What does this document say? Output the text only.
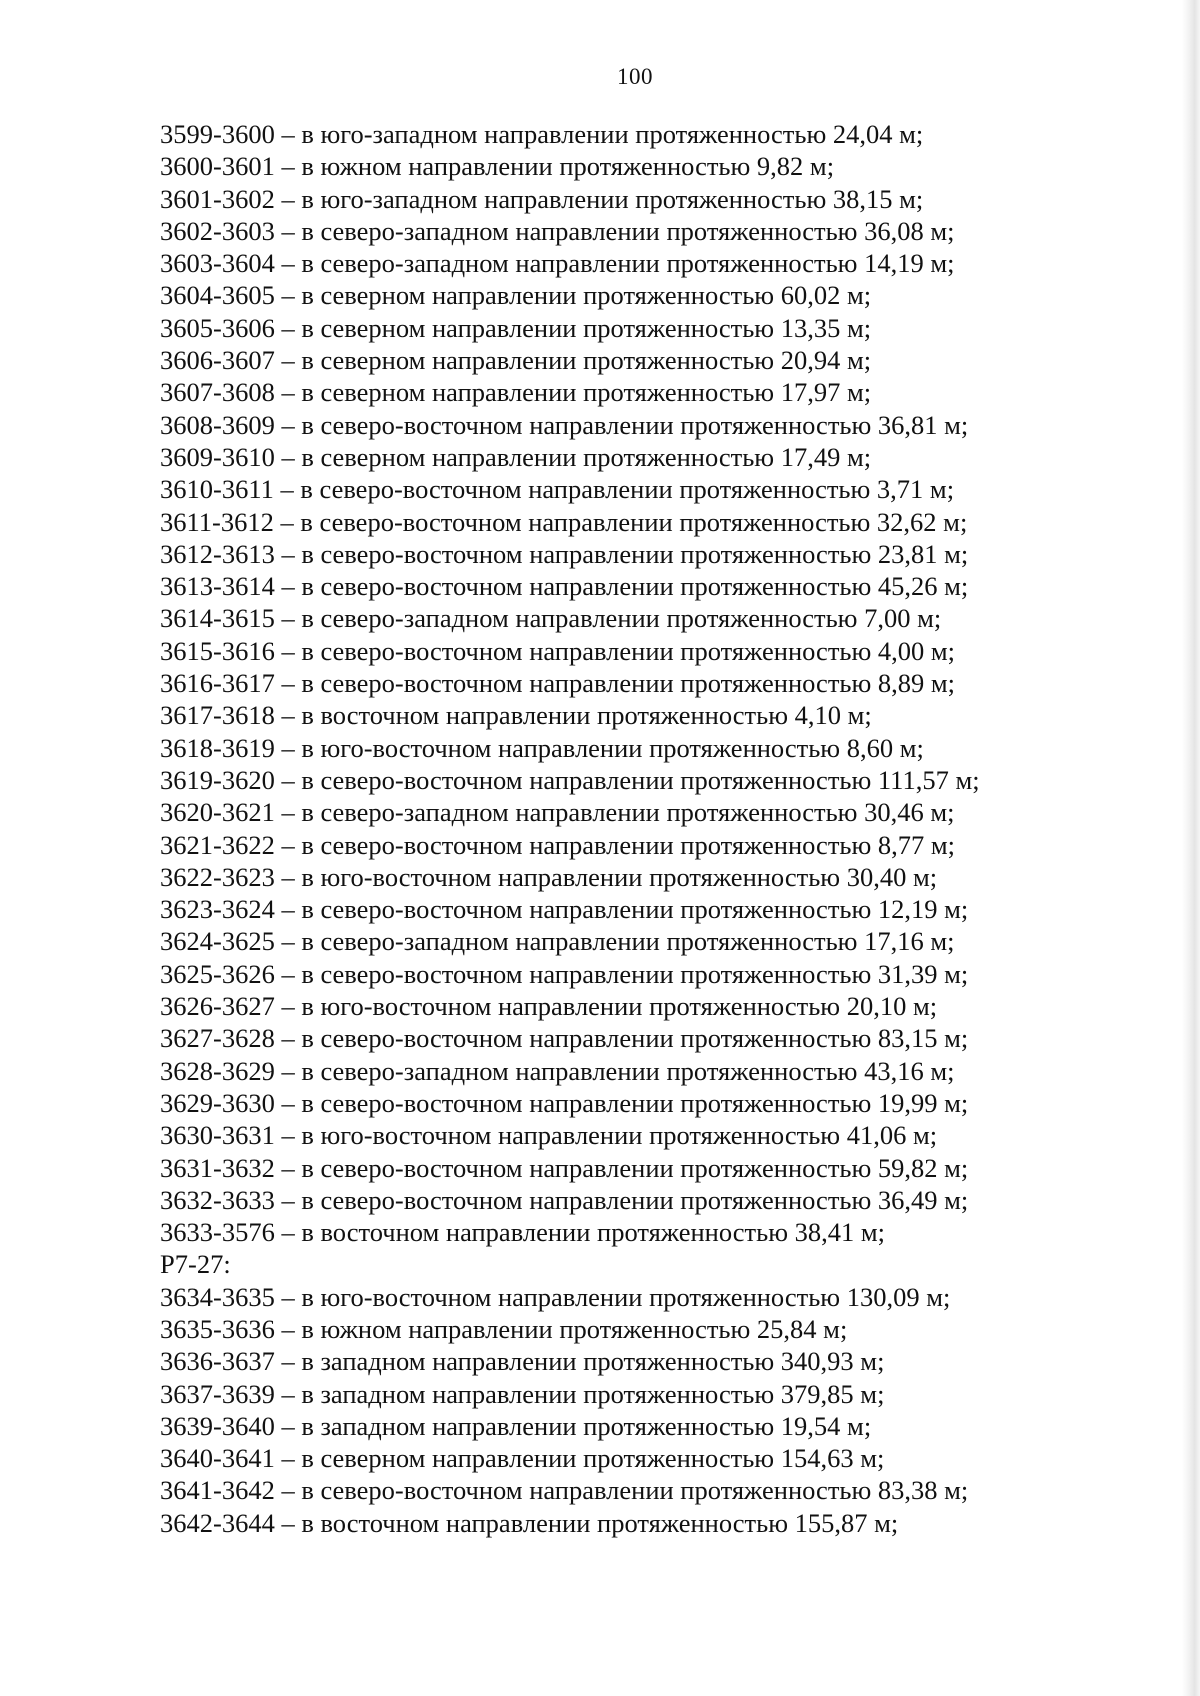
100
3599-3600 – в юго-западном направлении протяженностью 24,04 м;
3600-3601 – в южном направлении протяженностью 9,82 м;
3601-3602 – в юго-западном направлении протяженностью 38,15 м;
3602-3603 – в северо-западном направлении протяженностью 36,08 м;
3603-3604 – в северо-западном направлении протяженностью 14,19 м;
3604-3605 – в северном направлении протяженностью 60,02 м;
3605-3606 – в северном направлении протяженностью 13,35 м;
3606-3607 – в северном направлении протяженностью 20,94 м;
3607-3608 – в северном направлении протяженностью 17,97 м;
3608-3609 – в северо-восточном направлении протяженностью 36,81 м;
3609-3610 – в северном направлении протяженностью 17,49 м;
3610-3611 – в северо-восточном направлении протяженностью 3,71 м;
3611-3612 – в северо-восточном направлении протяженностью 32,62 м;
3612-3613 – в северо-восточном направлении протяженностью 23,81 м;
3613-3614 – в северо-восточном направлении протяженностью 45,26 м;
3614-3615 – в северо-западном направлении протяженностью 7,00 м;
3615-3616 – в северо-восточном направлении протяженностью 4,00 м;
3616-3617 – в северо-восточном направлении протяженностью 8,89 м;
3617-3618 – в восточном направлении протяженностью 4,10 м;
3618-3619 – в юго-восточном направлении протяженностью 8,60 м;
3619-3620 – в северо-восточном направлении протяженностью 111,57 м;
3620-3621 – в северо-западном направлении протяженностью 30,46 м;
3621-3622 – в северо-восточном направлении протяженностью 8,77 м;
3622-3623 – в юго-восточном направлении протяженностью 30,40 м;
3623-3624 – в северо-восточном направлении протяженностью 12,19 м;
3624-3625 – в северо-западном направлении протяженностью 17,16 м;
3625-3626 – в северо-восточном направлении протяженностью 31,39 м;
3626-3627 – в юго-восточном направлении протяженностью 20,10 м;
3627-3628 – в северо-восточном направлении протяженностью 83,15 м;
3628-3629 – в северо-западном направлении протяженностью 43,16 м;
3629-3630 – в северо-восточном направлении протяженностью 19,99 м;
3630-3631 – в юго-восточном направлении протяженностью 41,06 м;
3631-3632 – в северо-восточном направлении протяженностью 59,82 м;
3632-3633 – в северо-восточном направлении протяженностью 36,49 м;
3633-3576 – в восточном направлении протяженностью 38,41 м;
Р7-27:
3634-3635 – в юго-восточном направлении протяженностью 130,09 м;
3635-3636 – в южном направлении протяженностью 25,84 м;
3636-3637 – в западном направлении протяженностью 340,93 м;
3637-3639 – в западном направлении протяженностью 379,85 м;
3639-3640 – в западном направлении протяженностью 19,54 м;
3640-3641 – в северном направлении протяженностью 154,63 м;
3641-3642 – в северо-восточном направлении протяженностью 83,38 м;
3642-3644 – в восточном направлении протяженностью 155,87 м;
